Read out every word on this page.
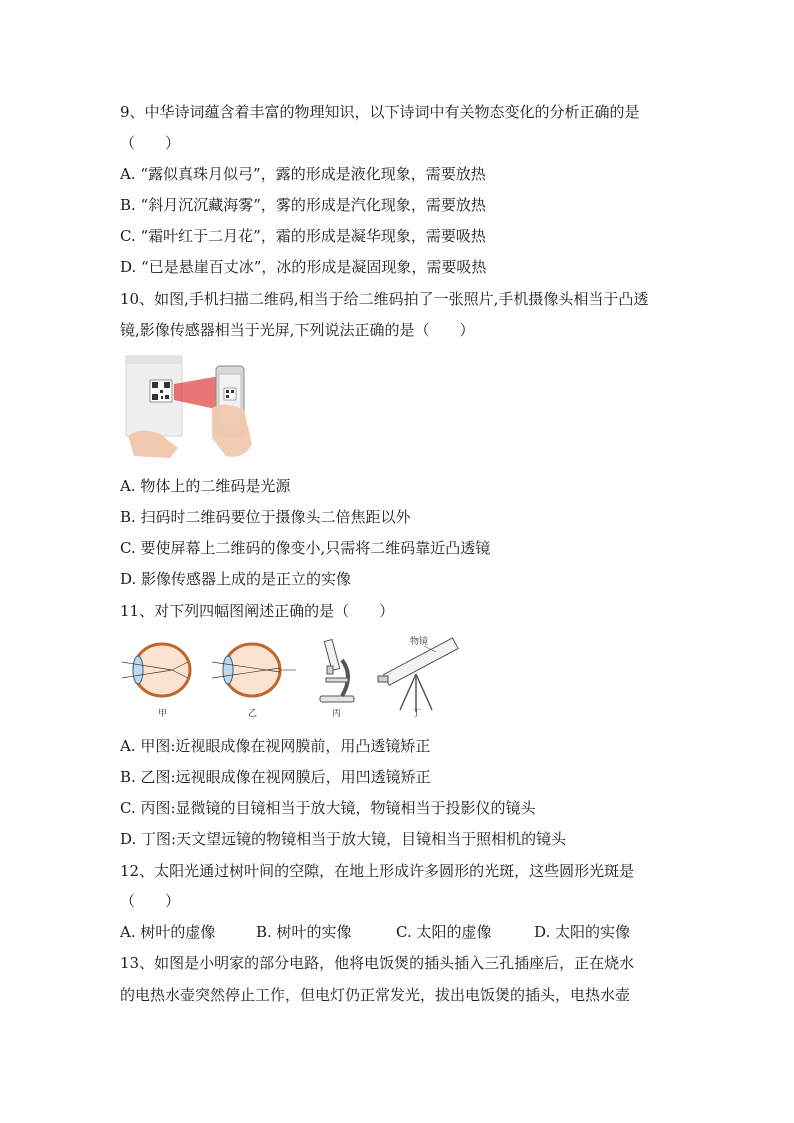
9、中华诗词蕴含着丰富的物理知识，以下诗词中有关物态变化的分析正确的是
（　　）
A. “露似真珠月似弓”，露的形成是液化现象，需要放热
B. “斜月沉沉藏海雾”，雾的形成是汽化现象，需要放热
C. “霜叶红于二月花”，霜的形成是凝华现象，需要吸热
D. “已是悬崖百丈冰”，冰的形成是凝固现象，需要吸热
10、如图,手机扫描二维码,相当于给二维码拍了一张照片,手机摄像头相当于凸透
镜,影像传感器相当于光屏,下列说法正确的是（　　）
A. 物体上的二维码是光源
B. 扫码时二维码要位于摄像头二倍焦距以外
C. 要使屏幕上二维码的像变小,只需将二维码靠近凸透镜
D. 影像传感器上成的是正立的实像
11、对下列四幅图阐述正确的是（　　）
甲	乙	丙
物镜
丁
A. 甲图:近视眼成像在视网膜前，用凸透镜矫正
B. 乙图:远视眼成像在视网膜后，用凹透镜矫正
C. 丙图:显微镜的目镜相当于放大镜，物镜相当于投影仪的镜头
D. 丁图:天文望远镜的物镜相当于放大镜，目镜相当于照相机的镜头
12、太阳光通过树叶间的空隙，在地上形成许多圆形的光斑，这些圆形光斑是
（　　）
A. 树叶的虚像	B. 树叶的实像	C. 太阳的虚像	D. 太阳的实像
13、如图是小明家的部分电路，他将电饭煲的插头插入三孔插座后，正在烧水
的电热水壶突然停止工作，但电灯仍正常发光，拔出电饭煲的插头，电热水壶
